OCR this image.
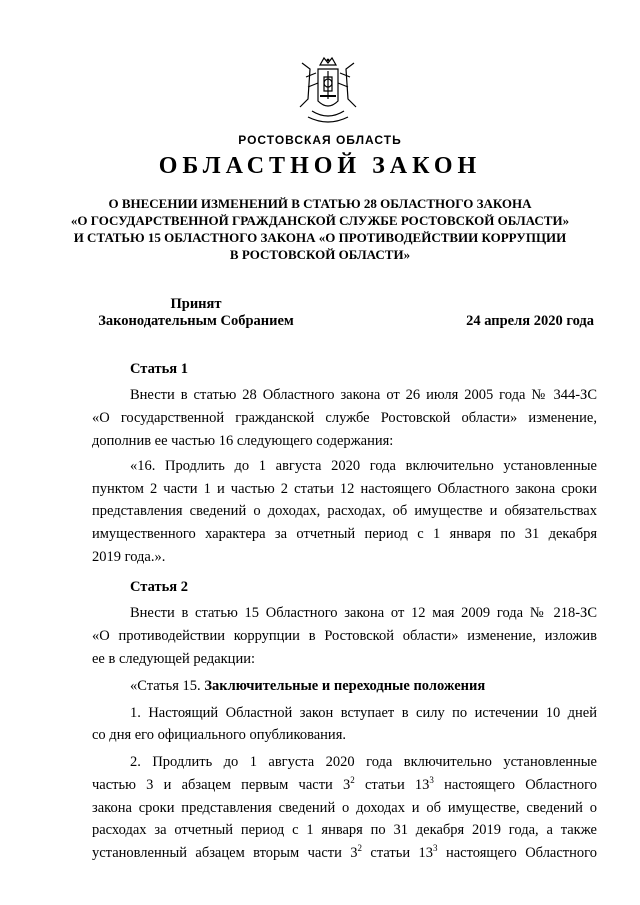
РОСТОВСКАЯ ОБЛАСТЬ
ОБЛАСТНОЙ ЗАКОН
О ВНЕСЕНИИ ИЗМЕНЕНИЙ В СТАТЬЮ 28 ОБЛАСТНОГО ЗАКОНА
«О ГОСУДАРСТВЕННОЙ ГРАЖДАНСКОЙ СЛУЖБЕ РОСТОВСКОЙ ОБЛАСТИ»
И СТАТЬЮ 15 ОБЛАСТНОГО ЗАКОНА «О ПРОТИВОДЕЙСТВИИ КОРРУПЦИИ
В РОСТОВСКОЙ ОБЛАСТИ»
Принят
Законодательным Собранием	24 апреля 2020 года
Статья 1
Внести в статью 28 Областного закона от 26 июля 2005 года № 344-ЗС
«О государственной гражданской службе Ростовской области» изменение,
дополнив ее частью 16 следующего содержания:
«16. Продлить до 1 августа 2020 года включительно установленные
пунктом 2 части 1 и частью 2 статьи 12 настоящего Областного закона сроки
представления сведений о доходах, расходах, об имуществе и обязательствах
имущественного характера за отчетный период с 1 января по 31 декабря
2019 года.».
Статья 2
Внести в статью 15 Областного закона от 12 мая 2009 года № 218-ЗС
«О противодействии коррупции в Ростовской области» изменение, изложив
ее в следующей редакции:
«Статья 15. Заключительные и переходные положения
1. Настоящий Областной закон вступает в силу по истечении 10 дней
со дня его официального опубликования.
2. Продлить до 1 августа 2020 года включительно установленные
частью 3 и абзацем первым части $3^2$ статьи $13^3$ настоящего Областного
закона сроки представления сведений о доходах и об имуществе, сведений о
расходах за отчетный период с 1 января по 31 декабря 2019 года, а также
установленный абзацем вторым части $3^2$ статьи $13^3$ настоящего Областного
